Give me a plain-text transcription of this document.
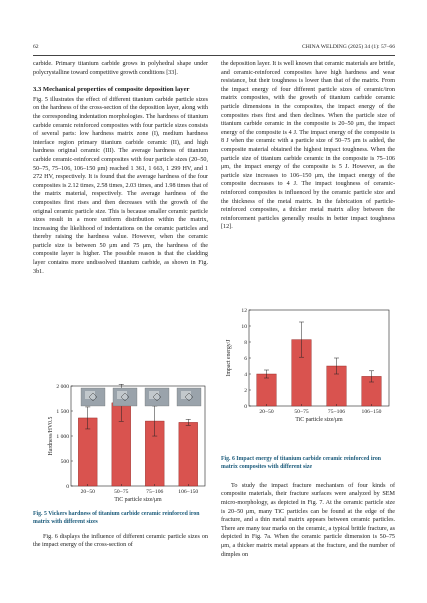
62	CHINA WELDING (2025) 34 (1): 57–66

carbide. Primary titanium carbide grows in polyhedral shape under polycrystalline toward competitive growth conditions [33].

3.3 Mechanical properties of composite deposition layer

Fig. 5 illustrates the effect of different titanium carbide particle sizes on the hardness of the cross-section of the deposition layer, along with the corresponding indentation morphologies. The hardness of titanium carbide ceramic reinforced composites with four particle sizes consists of several parts: low hardness matrix zone (I), medium hardness interface region primary titanium carbide ceramic (II), and high hardness original ceramic (III). The average hardness of titanium carbide ceramic-reinforced composites with four particle sizes (20–50, 50–75, 75–106, 106–150 μm) reached 1 361, 1 663, 1 299 HV, and 1 272 HV, respectively. It is found that the average hardness of the four composites is 2.12 times, 2.58 times, 2.03 times, and 1.98 times that of the matrix material, respectively. The average hardness of the composites first rises and then decreases with the growth of the original ceramic particle size. This is because smaller ceramic particle sizes result in a more uniform distribution within the matrix, increasing the likelihood of indentations on the ceramic particles and thereby raising the hardness value. However, when the ceramic particle size is between 50 μm and 75 μm, the hardness of the composite layer is higher. The possible reason is that the cladding layer contains more undissolved titanium carbide, as shown in Fig. 3b1.

0
500
1 000
1 500
2 000
Hardness/HV0.5
20−50	50−75	75−106	106−150
TiC particle size/μm
Fig. 5 Vickers hardness of titanium carbide ceramic reinforced iron matrix with different sizes

Fig. 6 displays the influence of different ceramic particle sizes on the impact energy of the cross-section of

the deposition layer. It is well known that ceramic materials are brittle, and ceramic-reinforced composites have high hardness and wear resistance, but their toughness is lower than that of the matrix. From the impact energy of four different particle sizes of ceramic/iron matrix composites, with the growth of titanium carbide ceramic particle dimensions in the composites, the impact energy of the composites rises first and then declines. When the particle size of titanium carbide ceramic in the composite is 20–50 μm, the impact energy of the composite is 4 J. The impact energy of the composite is 8 J when the ceramic with a particle size of 50–75 μm is added, the composite material obtained the highest impact toughness. When the particle size of titanium carbide ceramic in the composite is 75–106 μm, the impact energy of the composite is 5 J. However, as the particle size increases to 106–150 μm, the impact energy of the composite decreases to 4 J. The impact toughness of ceramic-reinforced composites is influenced by the ceramic particle size and the thickness of the metal matrix. In the fabrication of particle-reinforced composites, a thicker metal matrix alloy between the reinforcement particles generally results in better impact toughness [12].

0
2
4
6
8
10
12
Impact energy/J
20−50	50−75	75−106	106−150
TiC particle size/μm
Fig. 6 Impact energy of titanium carbide ceramic reinforced iron matrix composites with different size

To study the impact fracture mechanism of four kinds of composite materials, their fracture surfaces were analyzed by SEM micro-morphology, as depicted in Fig. 7. At the ceramic particle size is 20–50 μm, many TiC particles can be found at the edge of the fracture, and a thin metal matrix appears between ceramic particles. There are many tear marks on the ceramic, a typical brittle fracture, as depicted in Fig. 7a. When the ceramic particle dimension is 50–75 μm, a thicker matrix metal appears at the fracture, and the number of dimples on
